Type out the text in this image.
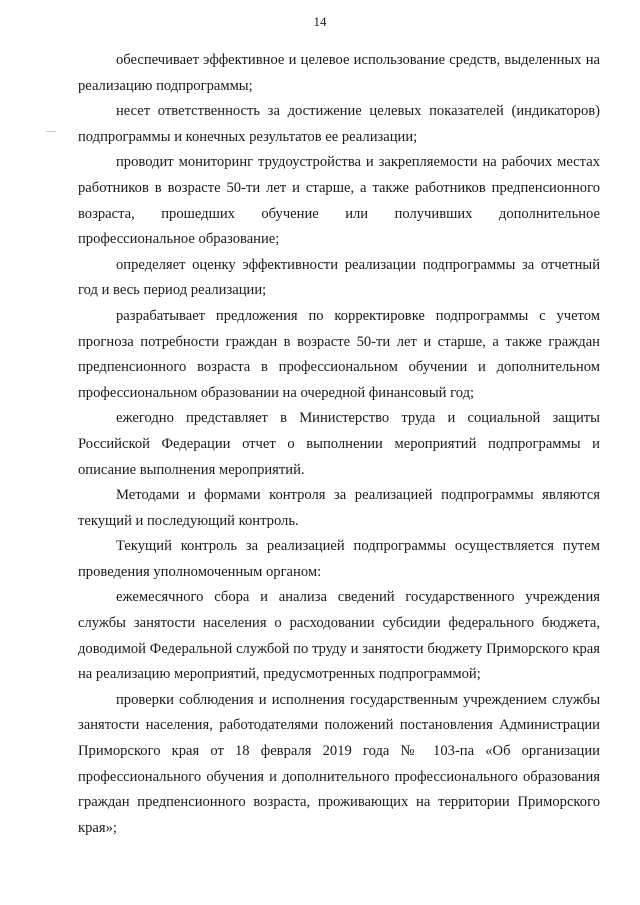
14

обеспечивает эффективное и целевое использование средств, выделенных на реализацию подпрограммы;

несет ответственность за достижение целевых показателей (индикаторов) подпрограммы и конечных результатов ее реализации;

проводит мониторинг трудоустройства и закрепляемости на рабочих местах работников в возрасте 50-ти лет и старше, а также работников предпенсионного возраста, прошедших обучение или получивших дополнительное профессиональное образование;

определяет оценку эффективности реализации подпрограммы за отчетный год и весь период реализации;

разрабатывает предложения по корректировке подпрограммы с учетом прогноза потребности граждан в возрасте 50-ти лет и старше, а также граждан предпенсионного возраста в профессиональном обучении и дополнительном профессиональном образовании на очередной финансовый год;

ежегодно представляет в Министерство труда и социальной защиты Российской Федерации отчет о выполнении мероприятий подпрограммы и описание выполнения мероприятий.

Методами и формами контроля за реализацией подпрограммы являются текущий и последующий контроль.

Текущий контроль за реализацией подпрограммы осуществляется путем проведения уполномоченным органом:

ежемесячного сбора и анализа сведений государственного учреждения службы занятости населения о расходовании субсидии федерального бюджета, доводимой Федеральной службой по труду и занятости бюджету Приморского края на реализацию мероприятий, предусмотренных подпрограммой;

проверки соблюдения и исполнения государственным учреждением службы занятости населения, работодателями положений постановления Администрации Приморского края от 18 февраля 2019 года № 103-па «Об организации профессионального обучения и дополнительного профессионального образования граждан предпенсионного возраста, проживающих на территории Приморского края»;
